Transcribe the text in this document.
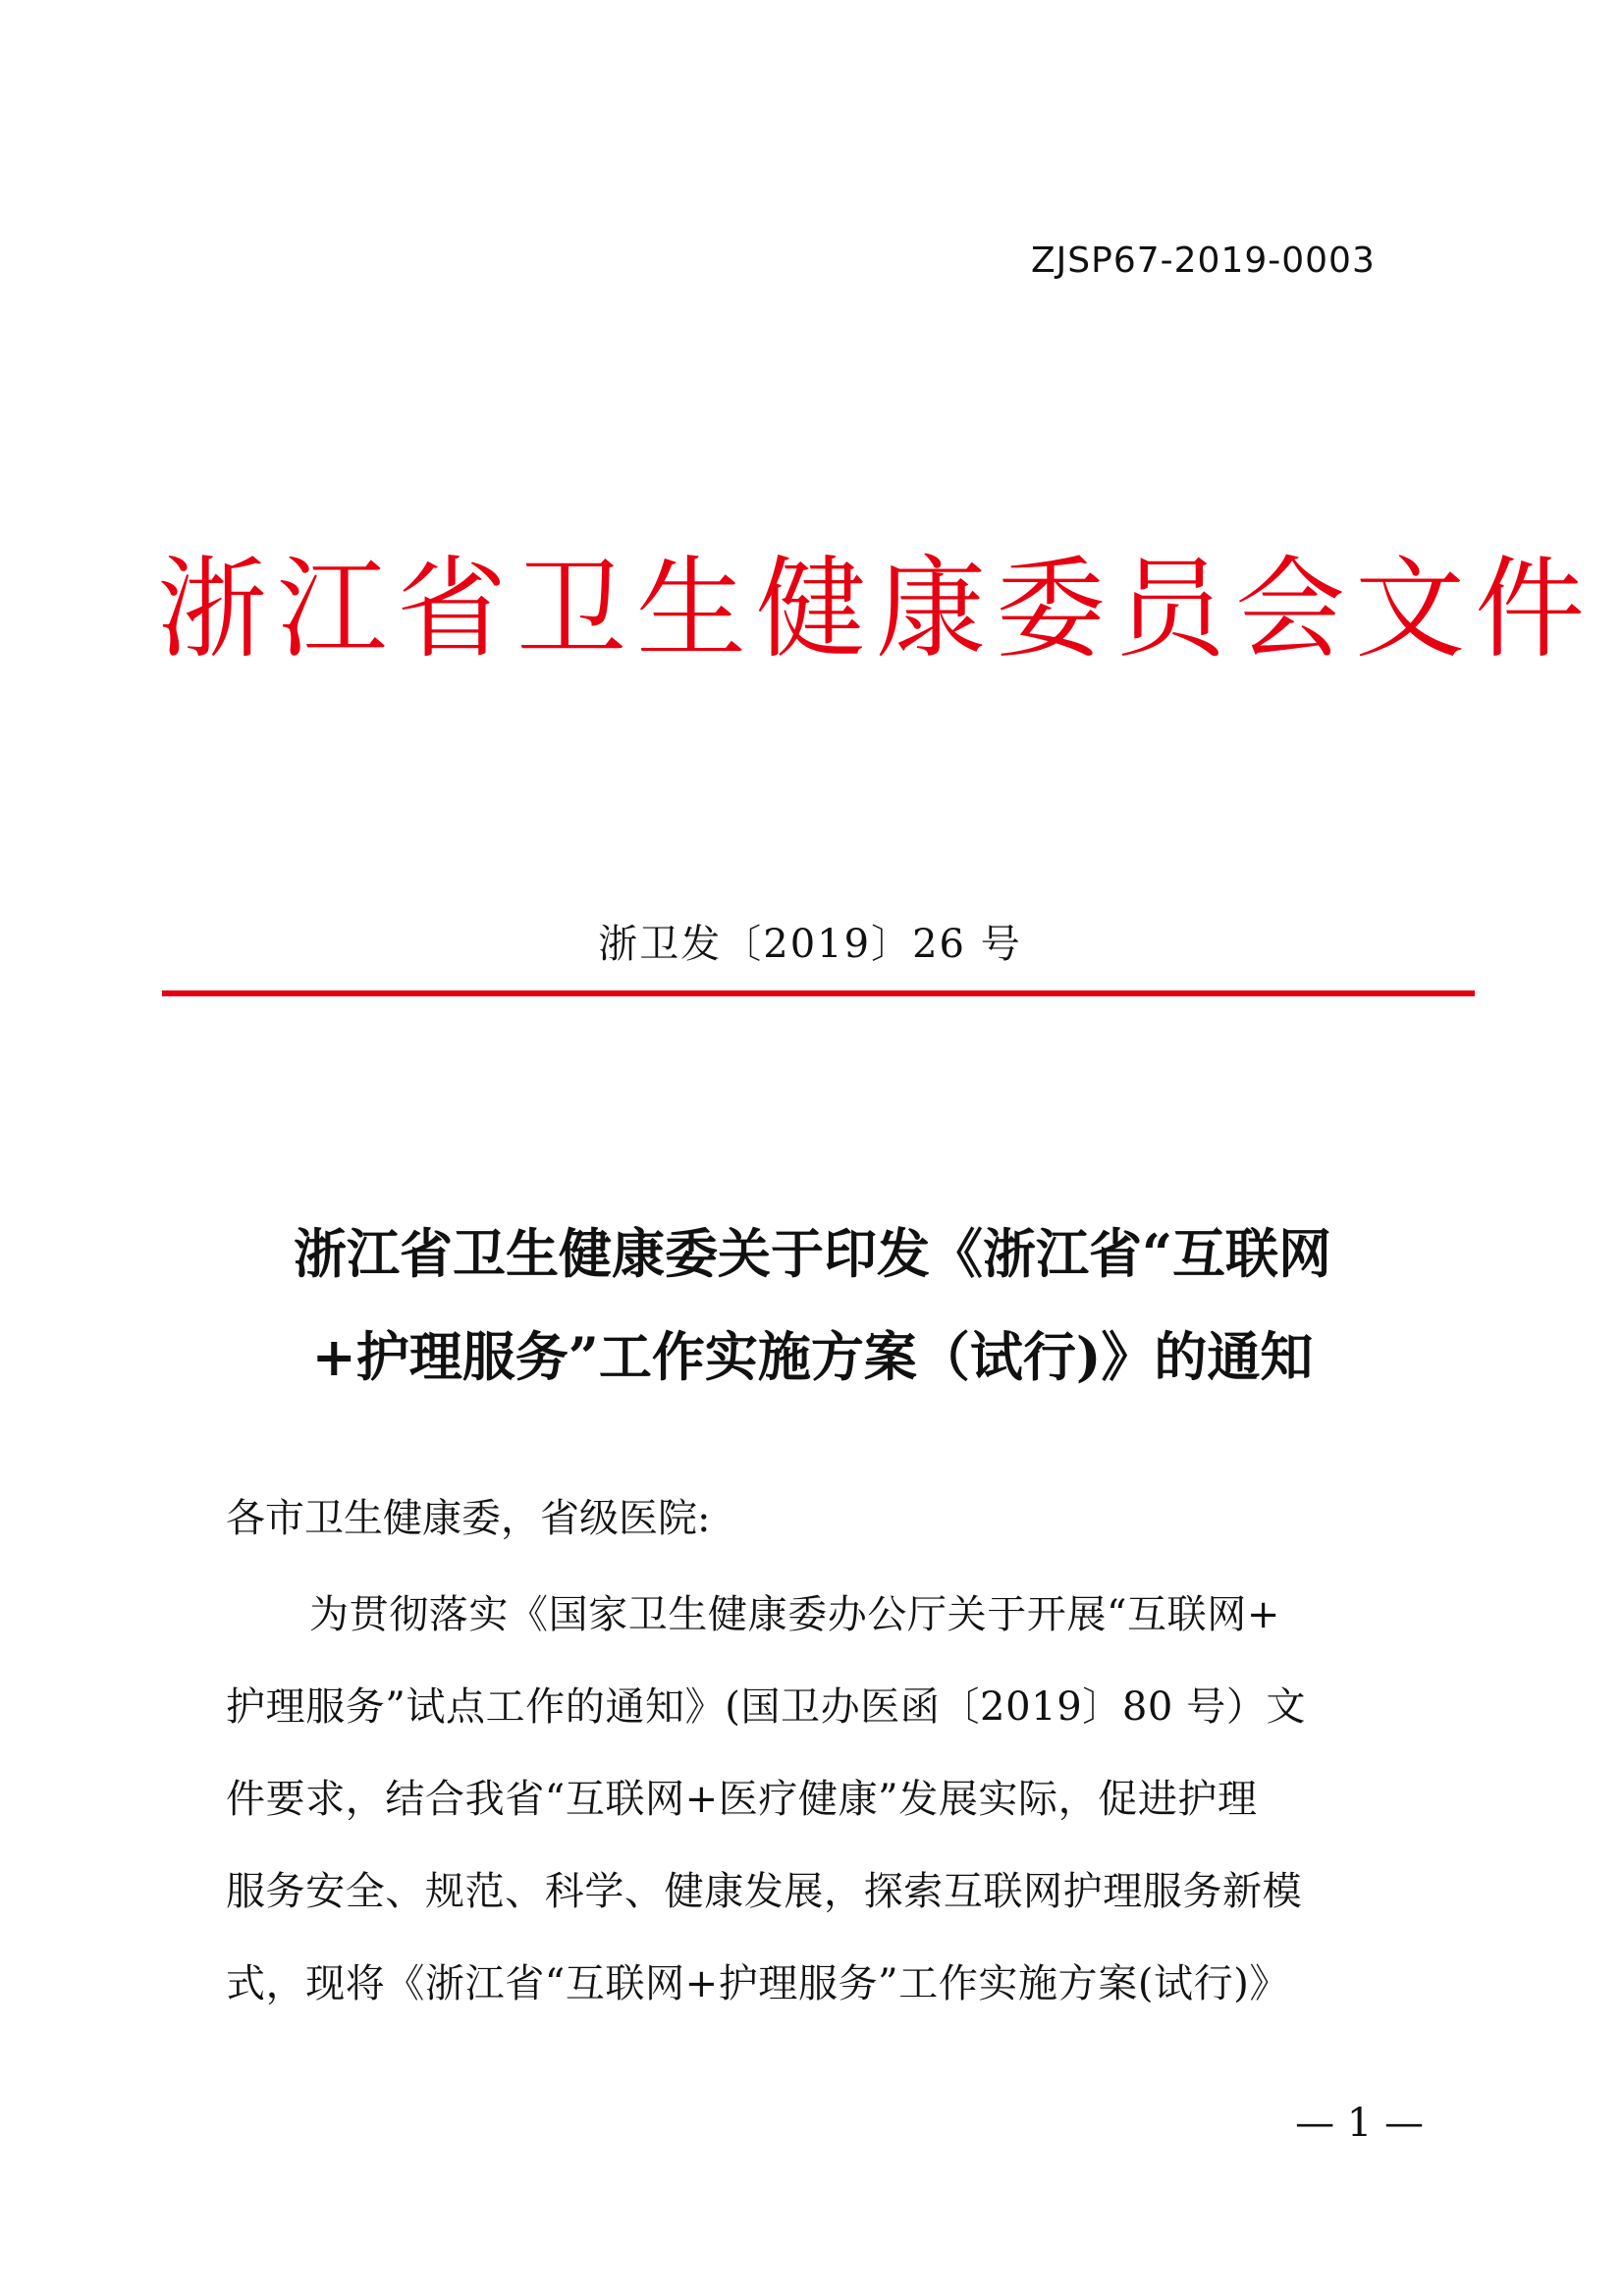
ZJSP67-2019-0003
浙江省卫生健康委员会文件
浙卫发〔2019〕26 号
浙江省卫生健康委关于印发《浙江省“互联网
+护理服务”工作实施方案（试行)》的通知
各市卫生健康委，省级医院:
为贯彻落实《国家卫生健康委办公厅关于开展“互联网+
护理服务”试点工作的通知》(国卫办医函〔2019〕80 号）文
件要求，结合我省“互联网+医疗健康”发展实际，促进护理
服务安全、规范、科学、健康发展，探索互联网护理服务新模
式，现将《浙江省“互联网+护理服务”工作实施方案(试行)》
— 1 —
